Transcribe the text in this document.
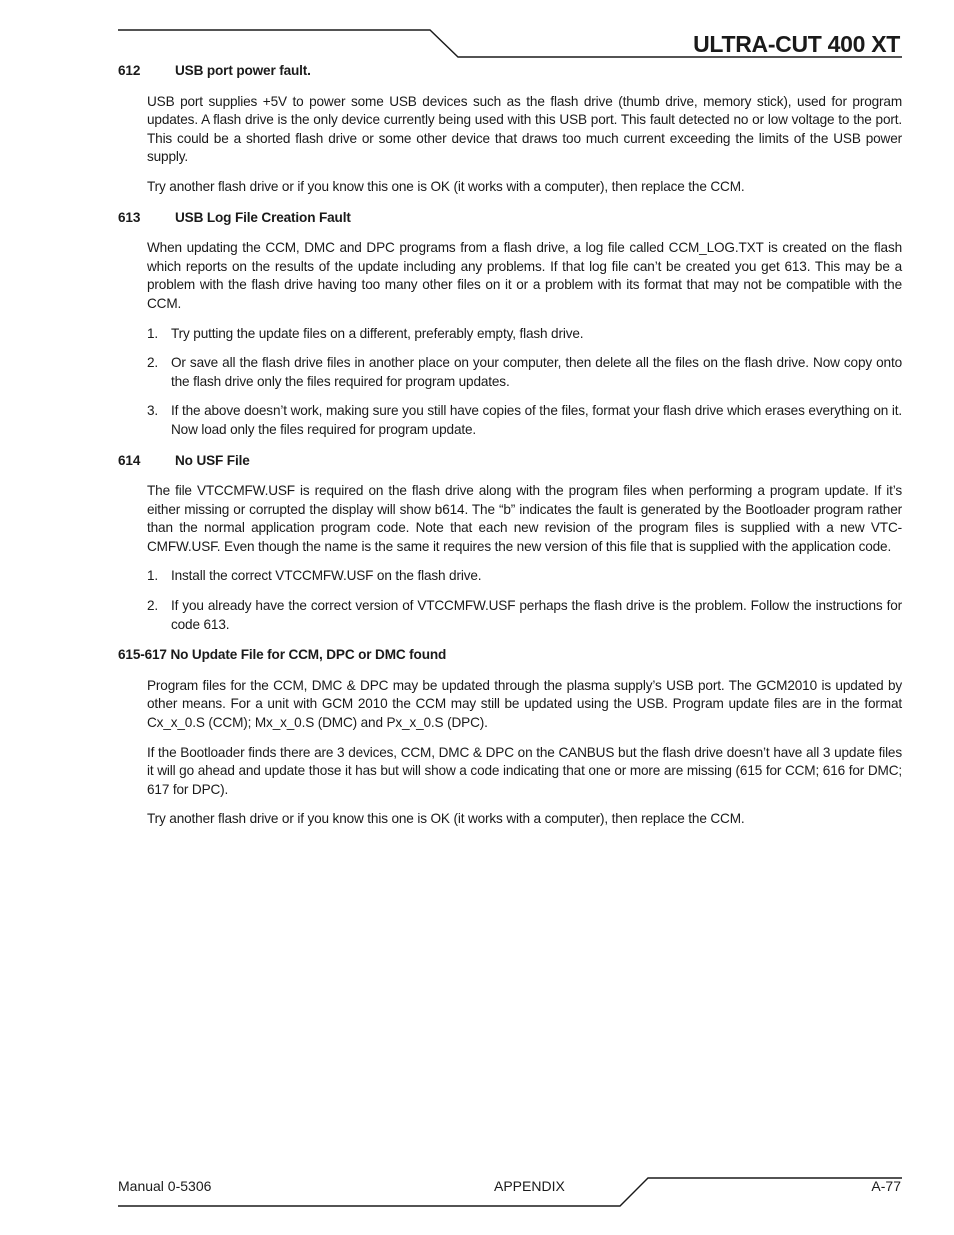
ULTRA-CUT 400 XT
612	USB port power fault.

USB port supplies +5V to power some USB devices such as the flash drive (thumb drive, memory stick), used for program updates. A flash drive is the only device currently being used with this USB port. This fault detected no or low voltage to the port. This could be a shorted flash drive or some other device that draws too much current exceeding the limits of the USB power supply.

Try another flash drive or if you know this one is OK (it works with a computer), then replace the CCM.

613	USB Log File Creation Fault

When updating the CCM, DMC and DPC programs from a flash drive, a log file called CCM_LOG.TXT is created on the flash which reports on the results of the update including any problems. If that log file can’t be created you get 613. This may be a problem with the flash drive having too many other files on it or a problem with its format that may not be compatible with the CCM.

1. Try putting the update files on a different, preferably empty, flash drive.
2. Or save all the flash drive files in another place on your computer, then delete all the files on the flash drive. Now copy onto the flash drive only the files required for program updates.
3. If the above doesn’t work, making sure you still have copies of the files, format your flash drive which erases everything on it. Now load only the files required for program update.
614	No USF File

The file VTCCMFW.USF is required on the flash drive along with the program files when performing a program update. If it’s either missing or corrupted the display will show b614. The “b” indicates the fault is generated by the Bootloader program rather than the normal application program code. Note that each new revision of the program files is supplied with a new VTC-CMFW.USF. Even though the name is the same it requires the new version of this file that is supplied with the application code.

1. Install the correct VTCCMFW.USF on the flash drive.
2. If you already have the correct version of VTCCMFW.USF perhaps the flash drive is the problem. Follow the instructions for code 613.
615-617 No Update File for CCM, DPC or DMC found

Program files for the CCM, DMC & DPC may be updated through the plasma supply’s USB port. The GCM2010 is updated by other means. For a unit with GCM 2010 the CCM may still be updated using the USB. Program update files are in the format Cx_x_0.S (CCM); Mx_x_0.S (DMC) and Px_x_0.S (DPC).

If the Bootloader finds there are 3 devices, CCM, DMC & DPC on the CANBUS but the flash drive doesn’t have all 3 update files it will go ahead and update those it has but will show a code indicating that one or more are missing (615 for CCM; 616 for DMC; 617 for DPC).

Try another flash drive or if you know this one is OK (it works with a computer), then replace the CCM.

Manual 0-5306	APPENDIX	A-77
